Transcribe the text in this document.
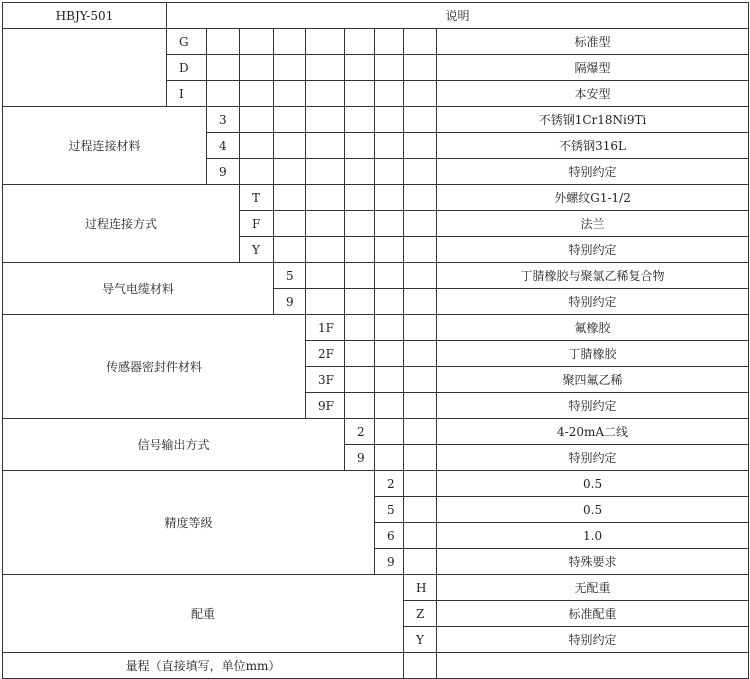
HBJY-501	说明								
	G								标准型
	D								隔爆型
	I								本安型
过程连接材料		3							不锈钢1Cr18Ni9Ti
		4							不锈钢316L
		9							特别约定
过程连接方式			T						外螺纹G1-1/2
			F						法兰
			Y						特别约定
导气电缆材料				5					丁腈橡胶与聚氯乙稀复合物
				9					特别约定
传感器密封件材料					1F				氟橡胶
					2F				丁腈橡胶
					3F				聚四氟乙稀
					9F				特别约定
信号输出方式						2			4-20mA二线
						9			特别约定
精度等级							2		0.5
							5		0.5
							6		1.0
							9		特殊要求
配重								H	无配重
								Z	标准配重
								Y	特别约定
量程（直接填写，单位mm）									
